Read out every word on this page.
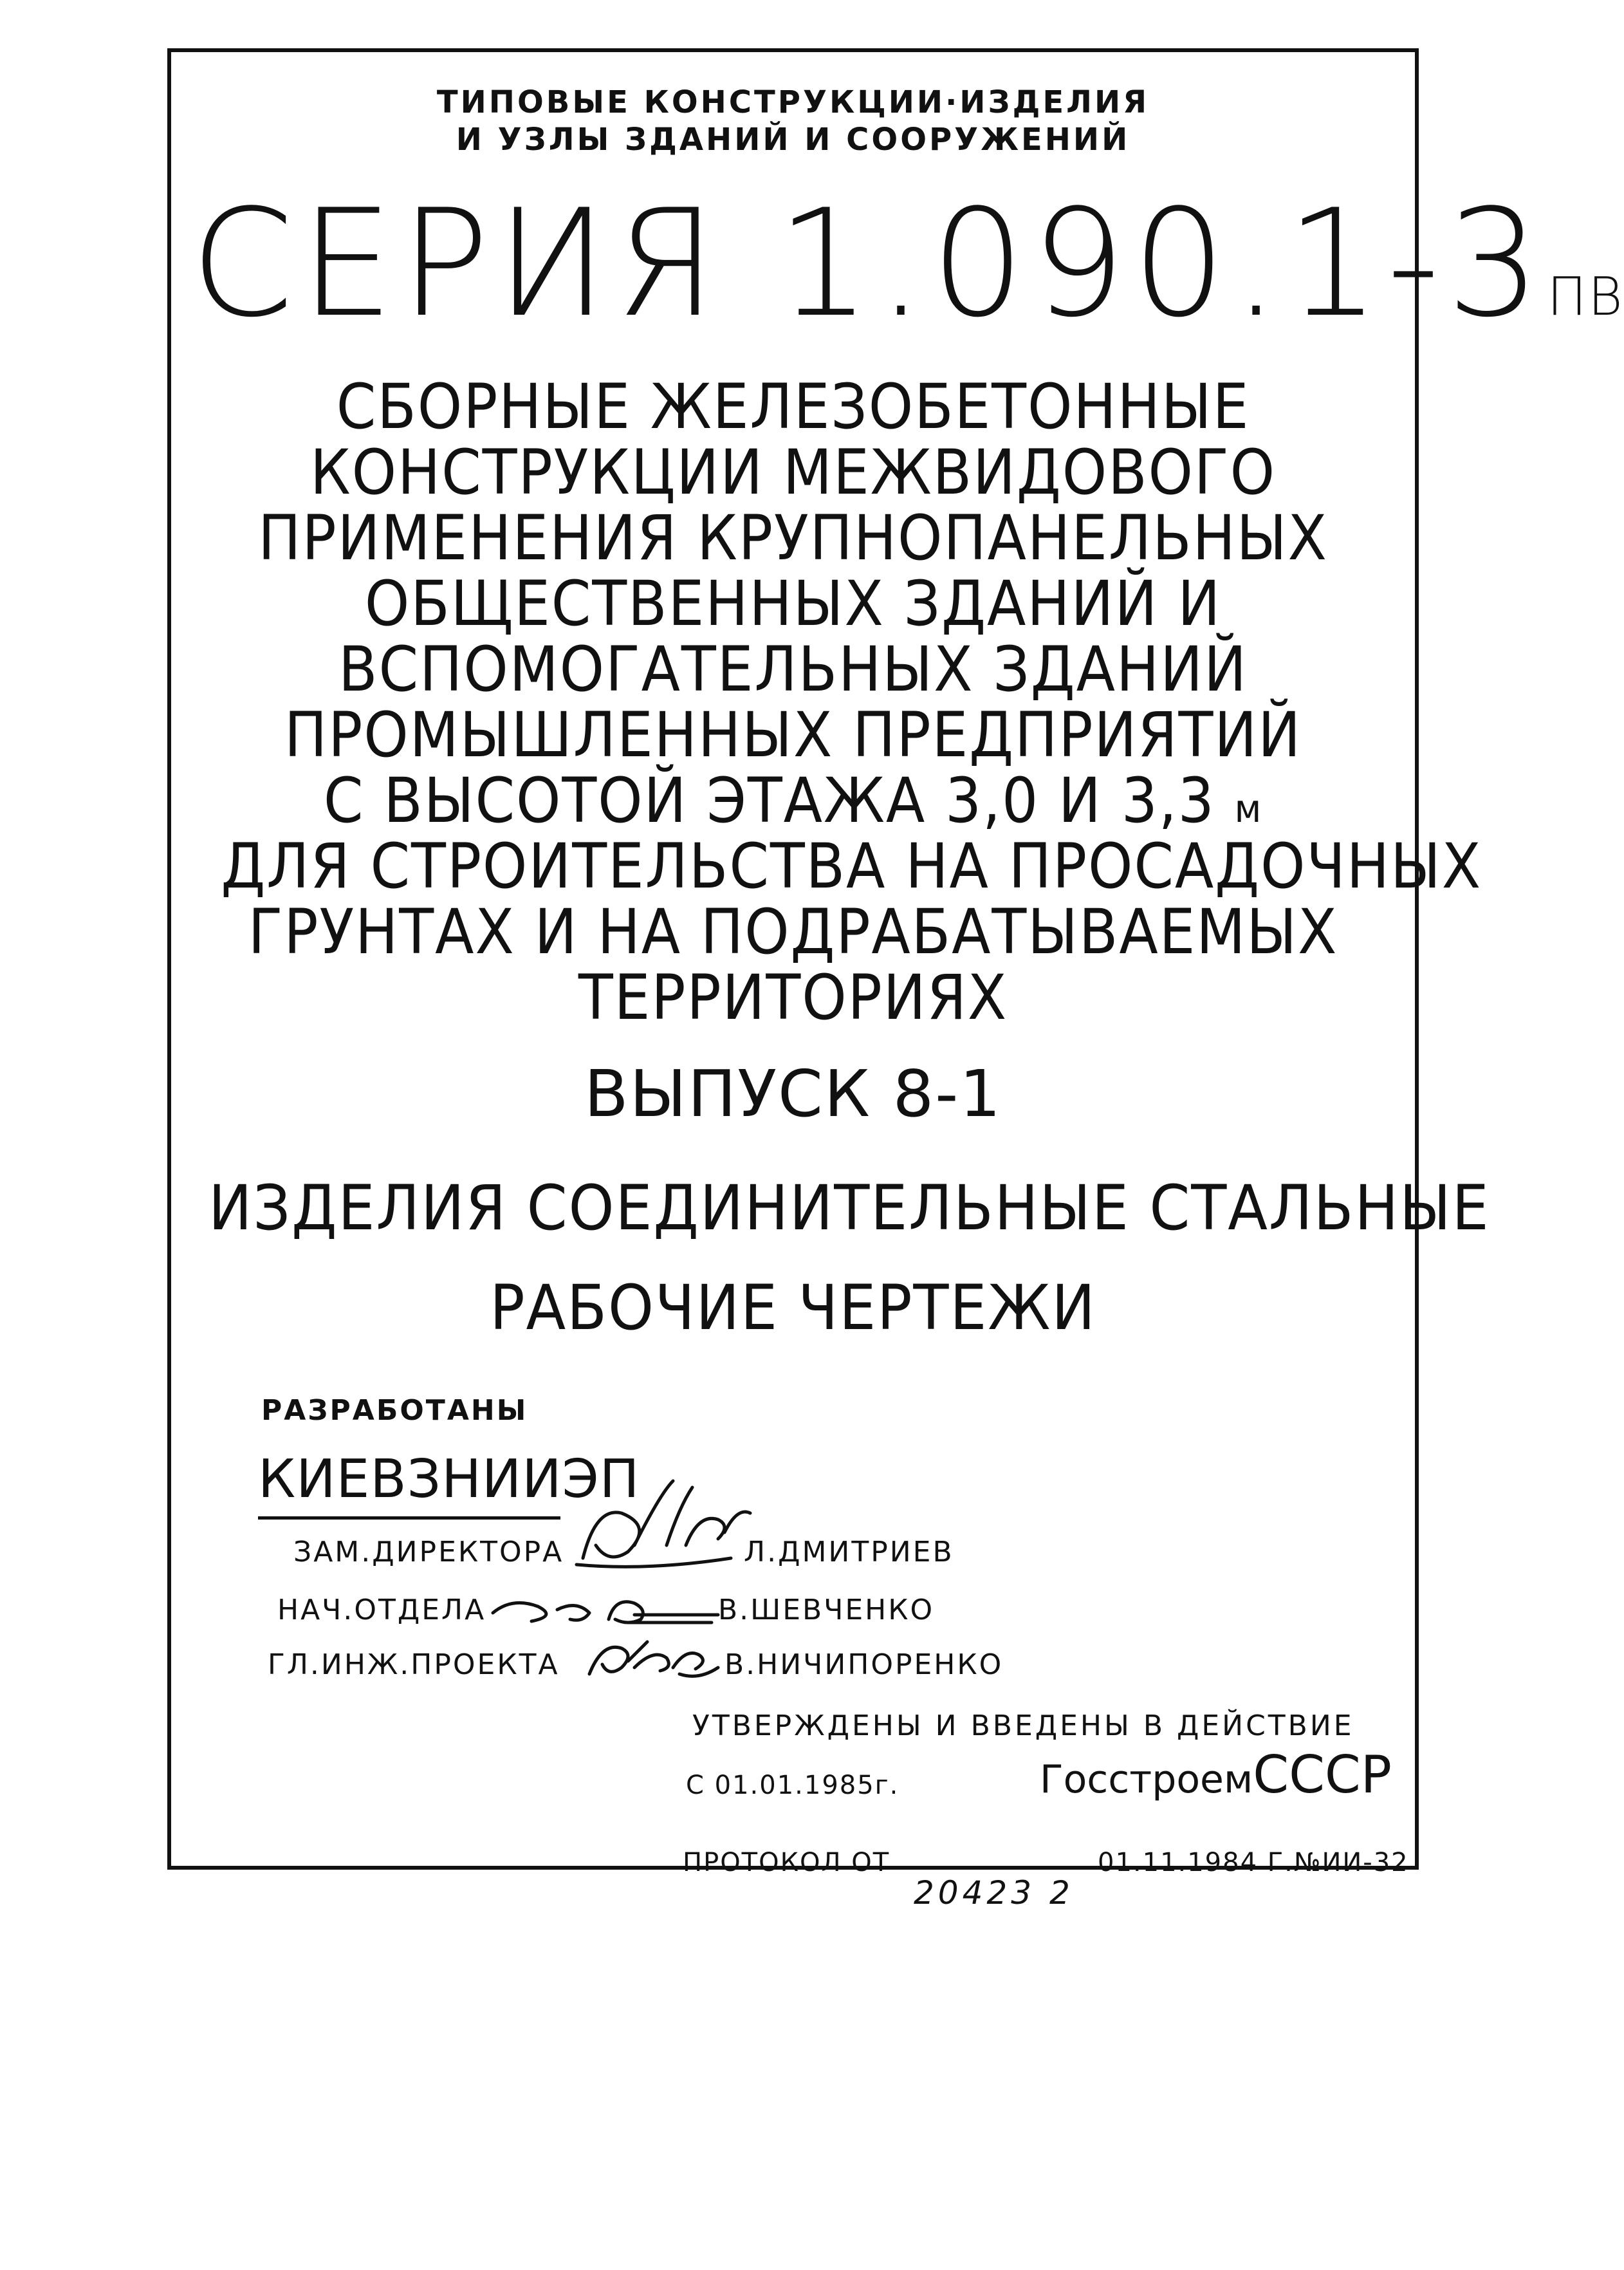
ТИПОВЫЕ КОНСТРУКЦИИ·ИЗДЕЛИЯ
И УЗЛЫ ЗДАНИЙ И СООРУЖЕНИЙ
СЕРИЯ 1.090.1-3ПВ
СБОРНЫЕ ЖЕЛЕЗОБЕТОННЫЕ
КОНСТРУКЦИИ МЕЖВИДОВОГО
ПРИМЕНЕНИЯ КРУПНОПАНЕЛЬНЫХ
ОБЩЕСТВЕННЫХ ЗДАНИЙ И
ВСПОМОГАТЕЛЬНЫХ ЗДАНИЙ
ПРОМЫШЛЕННЫХ ПРЕДПРИЯТИЙ
С ВЫСОТОЙ ЭТАЖА 3,0 И 3,3 м
ДЛЯ СТРОИТЕЛЬСТВА НА ПРОСАДОЧНЫХ
ГРУНТАХ И НА ПОДРАБАТЫВАЕМЫХ
ТЕРРИТОРИЯХ
ВЫПУСК 8-1
ИЗДЕЛИЯ СОЕДИНИТЕЛЬНЫЕ СТАЛЬНЫЕ
РАБОЧИЕ ЧЕРТЕЖИ
РАЗРАБОТАНЫ
КИЕВЗНИИЭП
ЗАМ.ДИРЕКТОРА	Л.ДМИТРИЕВ
НАЧ.ОТДЕЛА	В.ШЕВЧЕНКО
ГЛ.ИНЖ.ПРОЕКТА	В.НИЧИПОРЕНКО
УТВЕРЖДЕНЫ И ВВЕДЕНЫ В ДЕЙСТВИЕ
С 01.01.1985г.	ГосстроемСССР
ПРОТОКОЛ ОТ	01.11.1984 Г.№ИИ-32
20423 2
